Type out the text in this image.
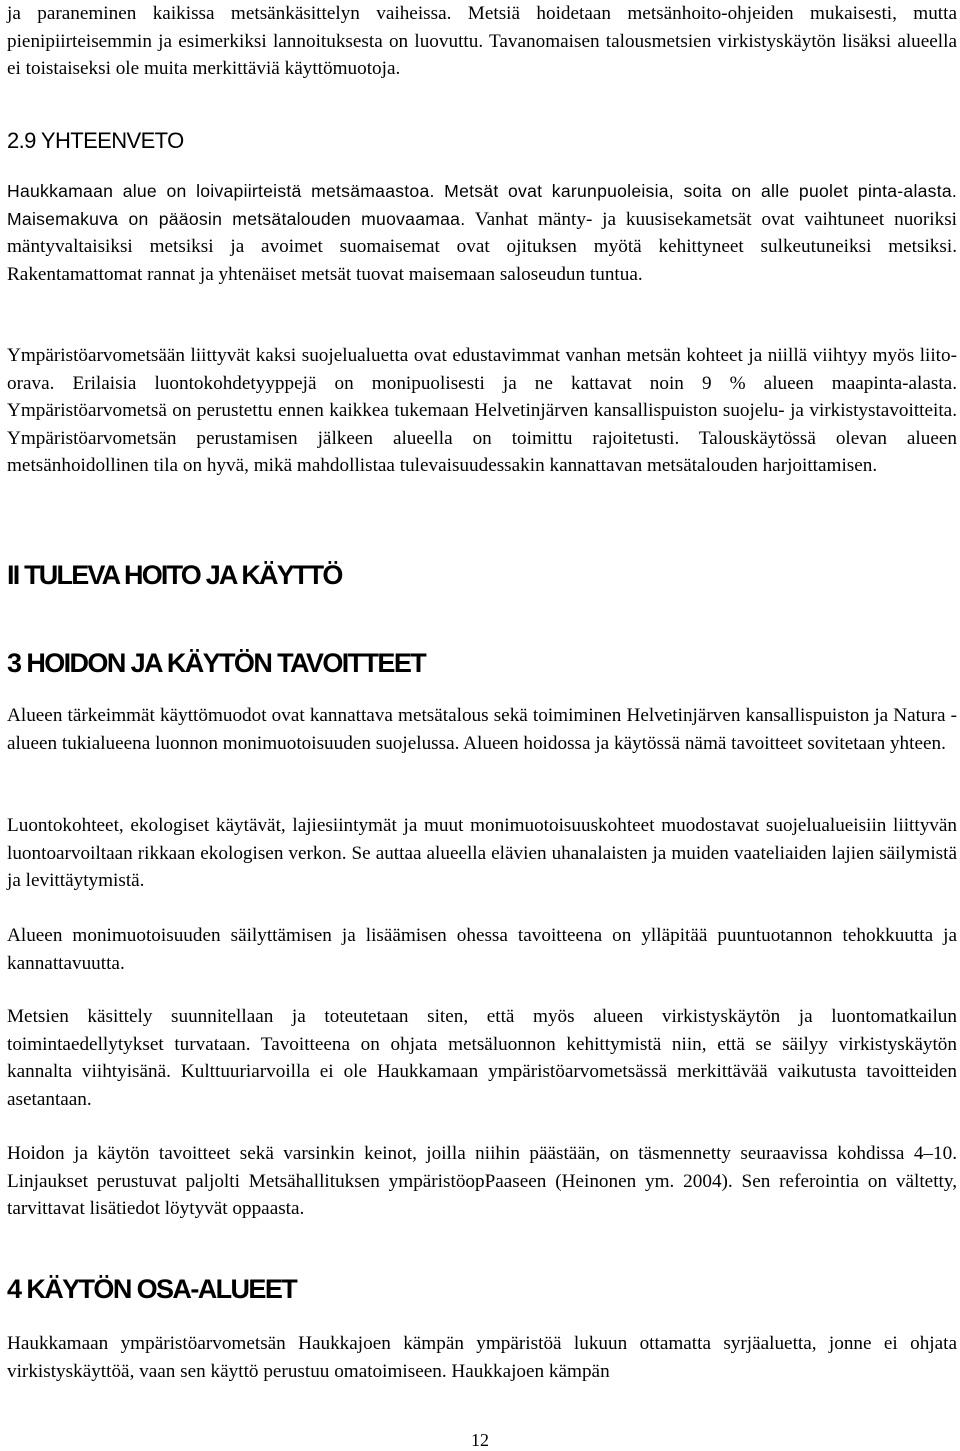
ja paraneminen kaikissa metsänkäsittelyn vaiheissa. Metsiä hoidetaan metsänhoito-ohjeiden mukaisesti, mutta pienipiirteisemmin ja esimerkiksi lannoituksesta on luovuttu. Tavanomaisen talousmetsien virkistyskäytön lisäksi alueella ei toistaiseksi ole muita merkittäviä käyttömuotoja.

2.9 YHTEENVETO

Haukkamaan alue on loivapiirteistä metsämaastoa. Metsät ovat karunpuoleisia, soita on alle puolet pinta-alasta. Maisemakuva on pääosin metsätalouden muovaamaa. Vanhat mänty- ja kuusisekametsät ovat vaihtuneet nuoriksi mäntyvaltaisiksi metsiksi ja avoimet suomaisemat ovat ojituksen myötä kehittyneet sulkeutuneiksi metsiksi. Rakentamattomat rannat ja yhtenäiset metsät tuovat maisemaan saloseudun tuntua.

Ympäristöarvometsään liittyvät kaksi suojelualuetta ovat edustavimmat vanhan metsän kohteet ja niillä viihtyy myös liito-orava. Erilaisia luontokohdetyyppejä on monipuolisesti ja ne kattavat noin 9 % alueen maapinta-alasta. Ympäristöarvometsä on perustettu ennen kaikkea tukemaan Helvetinjärven kansallispuiston suojelu- ja virkistystavoitteita. Ympäristöarvometsän perustamisen jälkeen alueella on toimittu rajoitetusti. Talouskäytössä olevan alueen metsänhoidollinen tila on hyvä, mikä mahdollistaa tulevaisuudessakin kannattavan metsätalouden harjoittamisen.

II TULEVA HOITO JA KÄYTTÖ
3 HOIDON JA KÄYTÖN TAVOITTEET

Alueen tärkeimmät käyttömuodot ovat kannattava metsätalous sekä toimiminen Helvetinjärven kansallispuiston ja Natura -alueen tukialueena luonnon monimuotoisuuden suojelussa. Alueen hoidossa ja käytössä nämä tavoitteet sovitetaan yhteen.

Luontokohteet, ekologiset käytävät, lajiesiintymät ja muut monimuotoisuuskohteet muodostavat suojelualueisiin liittyvän luontoarvoiltaan rikkaan ekologisen verkon. Se auttaa alueella elävien uhanalaisten ja muiden vaateliaiden lajien säilymistä ja levittäytymistä.

Alueen monimuotoisuuden säilyttämisen ja lisäämisen ohessa tavoitteena on ylläpitää puuntuotannon tehokkuutta ja kannattavuutta.

Metsien käsittely suunnitellaan ja toteutetaan siten, että myös alueen virkistyskäytön ja luontomatkailun toimintaedellytykset turvataan. Tavoitteena on ohjata metsäluonnon kehittymistä niin, että se säilyy virkistyskäytön kannalta viihtyisänä. Kulttuuriarvoilla ei ole Haukkamaan ympäristöarvometsässä merkittävää vaikutusta tavoitteiden asetantaan.

Hoidon ja käytön tavoitteet sekä varsinkin keinot, joilla niihin päästään, on täsmennetty seuraavissa kohdissa 4–10. Linjaukset perustuvat paljolti Metsähallituksen ympäristöopPaaseen (Heinonen ym. 2004). Sen referointia on vältetty, tarvittavat lisätiedot löytyvät oppaasta.

4 KÄYTÖN OSA-ALUEET

Haukkamaan ympäristöarvometsän Haukkajoen kämpän ympäristöä lukuun ottamatta syrjäaluetta, jonne ei ohjata virkistyskäyttöä, vaan sen käyttö perustuu omatoimiseen. Haukkajoen kämpän

12
